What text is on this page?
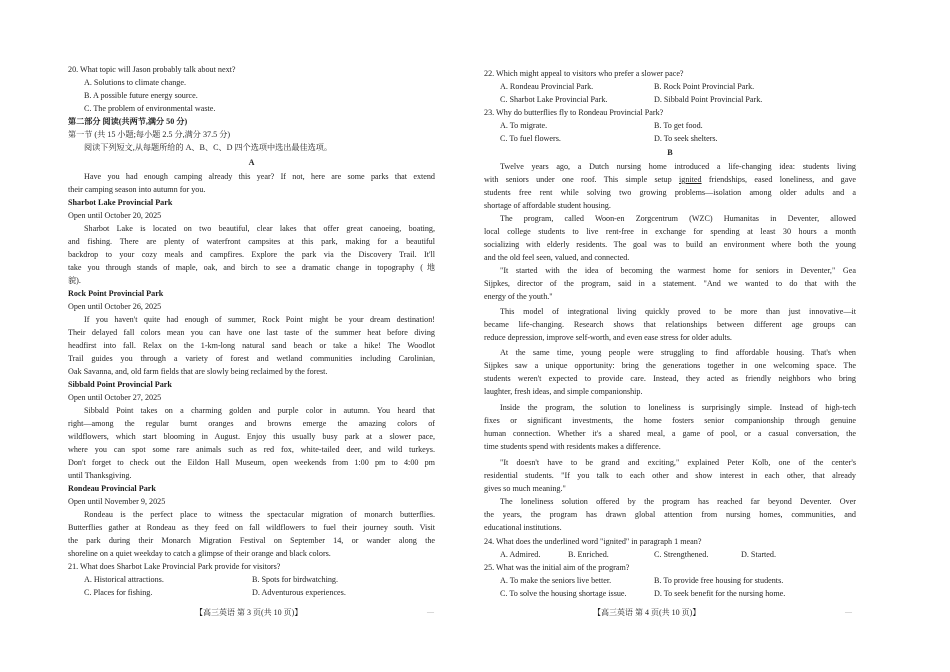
20. What topic will Jason probably talk about next?
A. Solutions to climate change.
B. A possible future energy source.
C. The problem of environmental waste.
第二部分 阅读(共两节,满分 50 分)
第一节 (共 15 小题;每小题 2.5 分,满分 37.5 分)
阅读下列短文,从每题所给的 A、B、C、D 四个选项中选出最佳选项。
A
Have you had enough camping already this year? If not, here are some parks that extend
their camping season into autumn for you.
Sharbot Lake Provincial Park
Open until October 20, 2025
Sharbot Lake is located on two beautiful, clear lakes that offer great canoeing, boating,
and fishing. There are plenty of waterfront campsites at this park, making for a beautiful
backdrop to your cozy meals and campfires. Explore the park via the Discovery Trail. It'll
take you through stands of maple, oak, and birch to see a dramatic change in topography (地
貌).
Rock Point Provincial Park
Open until October 26, 2025
If you haven't quite had enough of summer, Rock Point might be your dream destination!
Their delayed fall colors mean you can have one last taste of the summer heat before diving
headfirst into fall. Relax on the 1-km-long natural sand beach or take a hike! The Woodlot
Trail guides you through a variety of forest and wetland communities including Carolinian,
Oak Savanna, and, old farm fields that are slowly being reclaimed by the forest.
Sibbald Point Provincial Park
Open until October 27, 2025
Sibbald Point takes on a charming golden and purple color in autumn. You heard that
right—among the regular burnt oranges and browns emerge the amazing colors of
wildflowers, which start blooming in August. Enjoy this usually busy park at a slower pace,
where you can spot some rare animals such as red fox, white-tailed deer, and wild turkeys.
Don't forget to check out the Eildon Hall Museum, open weekends from 1:00 pm to 4:00 pm
until Thanksgiving.
Rondeau Provincial Park
Open until November 9, 2025
Rondeau is the perfect place to witness the spectacular migration of monarch butterflies.
Butterflies gather at Rondeau as they feed on fall wildflowers to fuel their journey south. Visit
the park during their Monarch Migration Festival on September 14, or wander along the
shoreline on a quiet weekday to catch a glimpse of their orange and black colors.
21. What does Sharbot Lake Provincial Park provide for visitors?
A. Historical attractions.	B. Spots for birdwatching.
C. Places for fishing.	D. Adventurous experiences.
【高三英语 第 3 页(共 10 页)】	—
22. Which might appeal to visitors who prefer a slower pace?
A. Rondeau Provincial Park.	B. Rock Point Provincial Park.
C. Sharbot Lake Provincial Park.	D. Sibbald Point Provincial Park.
23. Why do butterflies fly to Rondeau Provincial Park?
A. To migrate.	B. To get food.
C. To fuel flowers.	D. To seek shelters.
B
Twelve years ago, a Dutch nursing home introduced a life-changing idea: students living
with seniors under one roof. This simple setup ignited friendships, eased loneliness, and gave
students free rent while solving two growing problems—isolation among older adults and a
shortage of affordable student housing.
The program, called Woon-en Zorgcentrum (WZC) Humanitas in Deventer, allowed
local college students to live rent-free in exchange for spending at least 30 hours a month
socializing with elderly residents. The goal was to build an environment where both the young
and the old feel seen, valued, and connected.
"It started with the idea of becoming the warmest home for seniors in Deventer," Gea
Sijpkes, director of the program, said in a statement. "And we wanted to do that with the
energy of the youth."
This model of integrational living quickly proved to be more than just innovative—it
became life-changing. Research shows that relationships between different age groups can
reduce depression, improve self-worth, and even ease stress for older adults.
At the same time, young people were struggling to find affordable housing. That's when
Sijpkes saw a unique opportunity: bring the generations together in one welcoming space. The
students weren't expected to provide care. Instead, they acted as friendly neighbors who bring
laughter, fresh ideas, and simple companionship.
Inside the program, the solution to loneliness is surprisingly simple. Instead of high-tech
fixes or significant investments, the home fosters senior companionship through genuine
human connection. Whether it's a shared meal, a game of pool, or a casual conversation, the
time students spend with residents makes a difference.
"It doesn't have to be grand and exciting," explained Peter Kolb, one of the center's
residential students. "If you talk to each other and show interest in each other, that already
gives so much meaning."
The loneliness solution offered by the program has reached far beyond Deventer. Over
the years, the program has drawn global attention from nursing homes, communities, and
educational institutions.
24. What does the underlined word "ignited" in paragraph 1 mean?
A. Admired.	B. Enriched.	C. Strengthened.	D. Started.
25. What was the initial aim of the program?
A. To make the seniors live better.	B. To provide free housing for students.
C. To solve the housing shortage issue.	D. To seek benefit for the nursing home.
【高三英语 第 4 页(共 10 页)】	—
